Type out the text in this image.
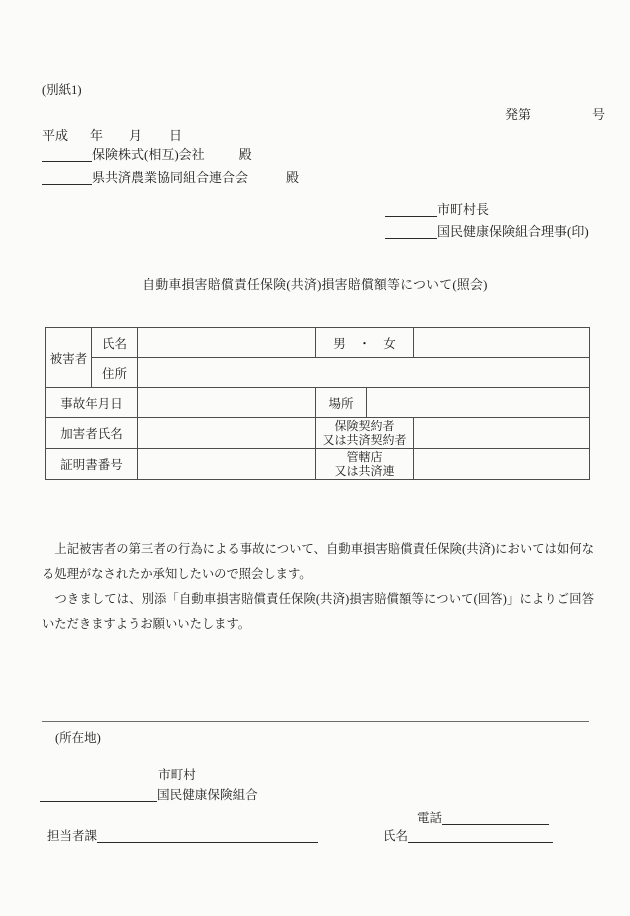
(別紙1)
発第	号
平成 年 月 日
保険株式(相互)会社	殿
県共済農業協同組合連合会	殿
市町村長
国民健康保険組合理事(印)
自動車損害賠償責任保険(共済)損害賠償額等について(照会)
被害者	氏名		男　・　女		
	住所				
事故年月日			場所		
加害者氏名			保険契約者
又は共済契約者		

証明書番号			管轄店
又は共済連		

　上記被害者の第三者の行為による事故について、自動車損害賠償責任保険(共済)においては如何なる処理がなされたか承知したいので照会します。

　つきましては、別添「自動車損害賠償責任保険(共済)損害賠償額等について(回答)」によりご回答いただきますようお願いいたします。

(所在地)
市町村
国民健康保険組合
電話
担当者課	氏名
